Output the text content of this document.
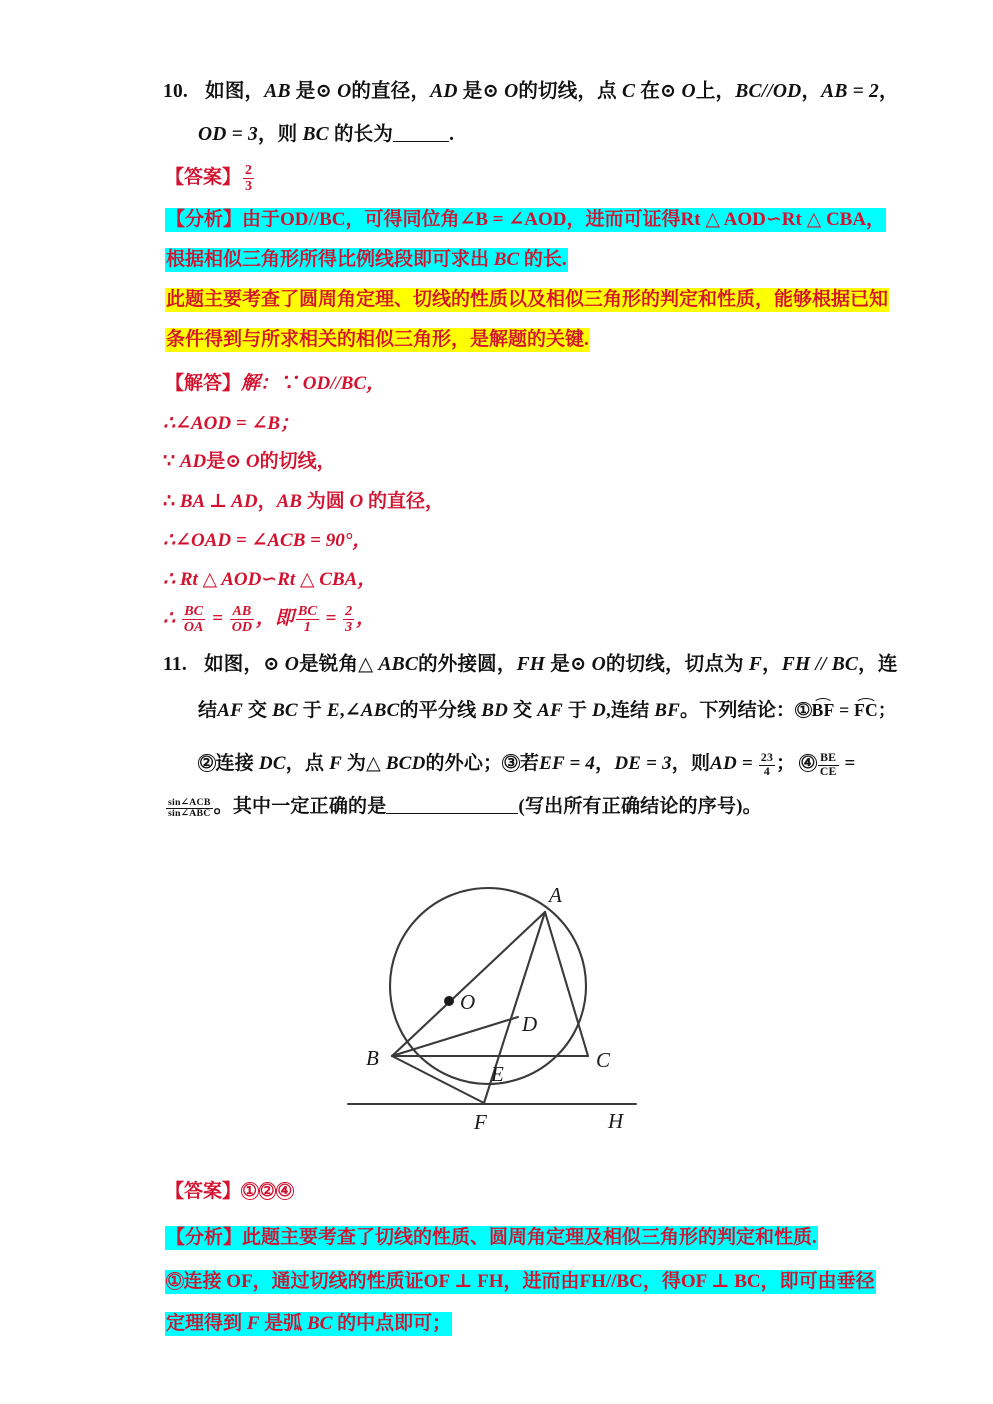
10. 如图，AB 是⊙ O的直径，AD 是⊙ O的切线，点 C 在⊙ O上，BC//OD，AB = 2，
OD = 3，则 BC 的长为	.
【答案】 $\frac{2}{3}$
【分析】由于OD//BC，可得同位角∠B = ∠AOD，进而可证得Rt △ AOD∽Rt △ CBA，
根据相似三角形所得比例线段即可求出 BC 的长.
此题主要考查了圆周角定理、切线的性质以及相似三角形的判定和性质，能够根据已知
条件得到与所求相关的相似三角形，是解题的关键.
【解答】解：∵ OD//BC，
∴∠AOD = ∠B；
∵ AD是⊙ O的切线，
∴ BA ⊥ AD，AB 为圆 O 的直径，
∴∠OAD = ∠ACB = 90°，
∴ Rt △ AOD∽Rt △ CBA，
∴ $\frac{BC}{OA} = \frac{AB}{OD}$ ，即 $\frac{BC}{1} = \frac{2}{3}$ ，
11. 如图，⊙ O是锐角△ ABC的外接圆，FH 是⊙ O的切线，切点为 F，FH // BC，连
结AF 交 BC 于 E,∠ABC的平分线 BD 交 AF 于 D,连结 BF。下列结论：①BF = FC；
②连接 DC，点 F 为△ BCD的外心；③若EF = 4，DE = 3，则AD = $\frac{23}{4}$ ； ④ $\frac{BE}{CE}$ =
$\frac{\text{sin∠ACB}}{\text{sin∠ABC}}$ 。其中一定正确的是	(写出所有正确结论的序号)。
A
O
D
B	C
E
F	H
【答案】① ② ④
【分析】此题主要考查了切线的性质、圆周角定理及相似三角形的判定和性质.
①连接 OF，通过切线的性质证OF ⊥ FH，进而由FH//BC，得OF ⊥ BC，即可由垂径
定理得到 F 是弧 BC 的中点即可；
